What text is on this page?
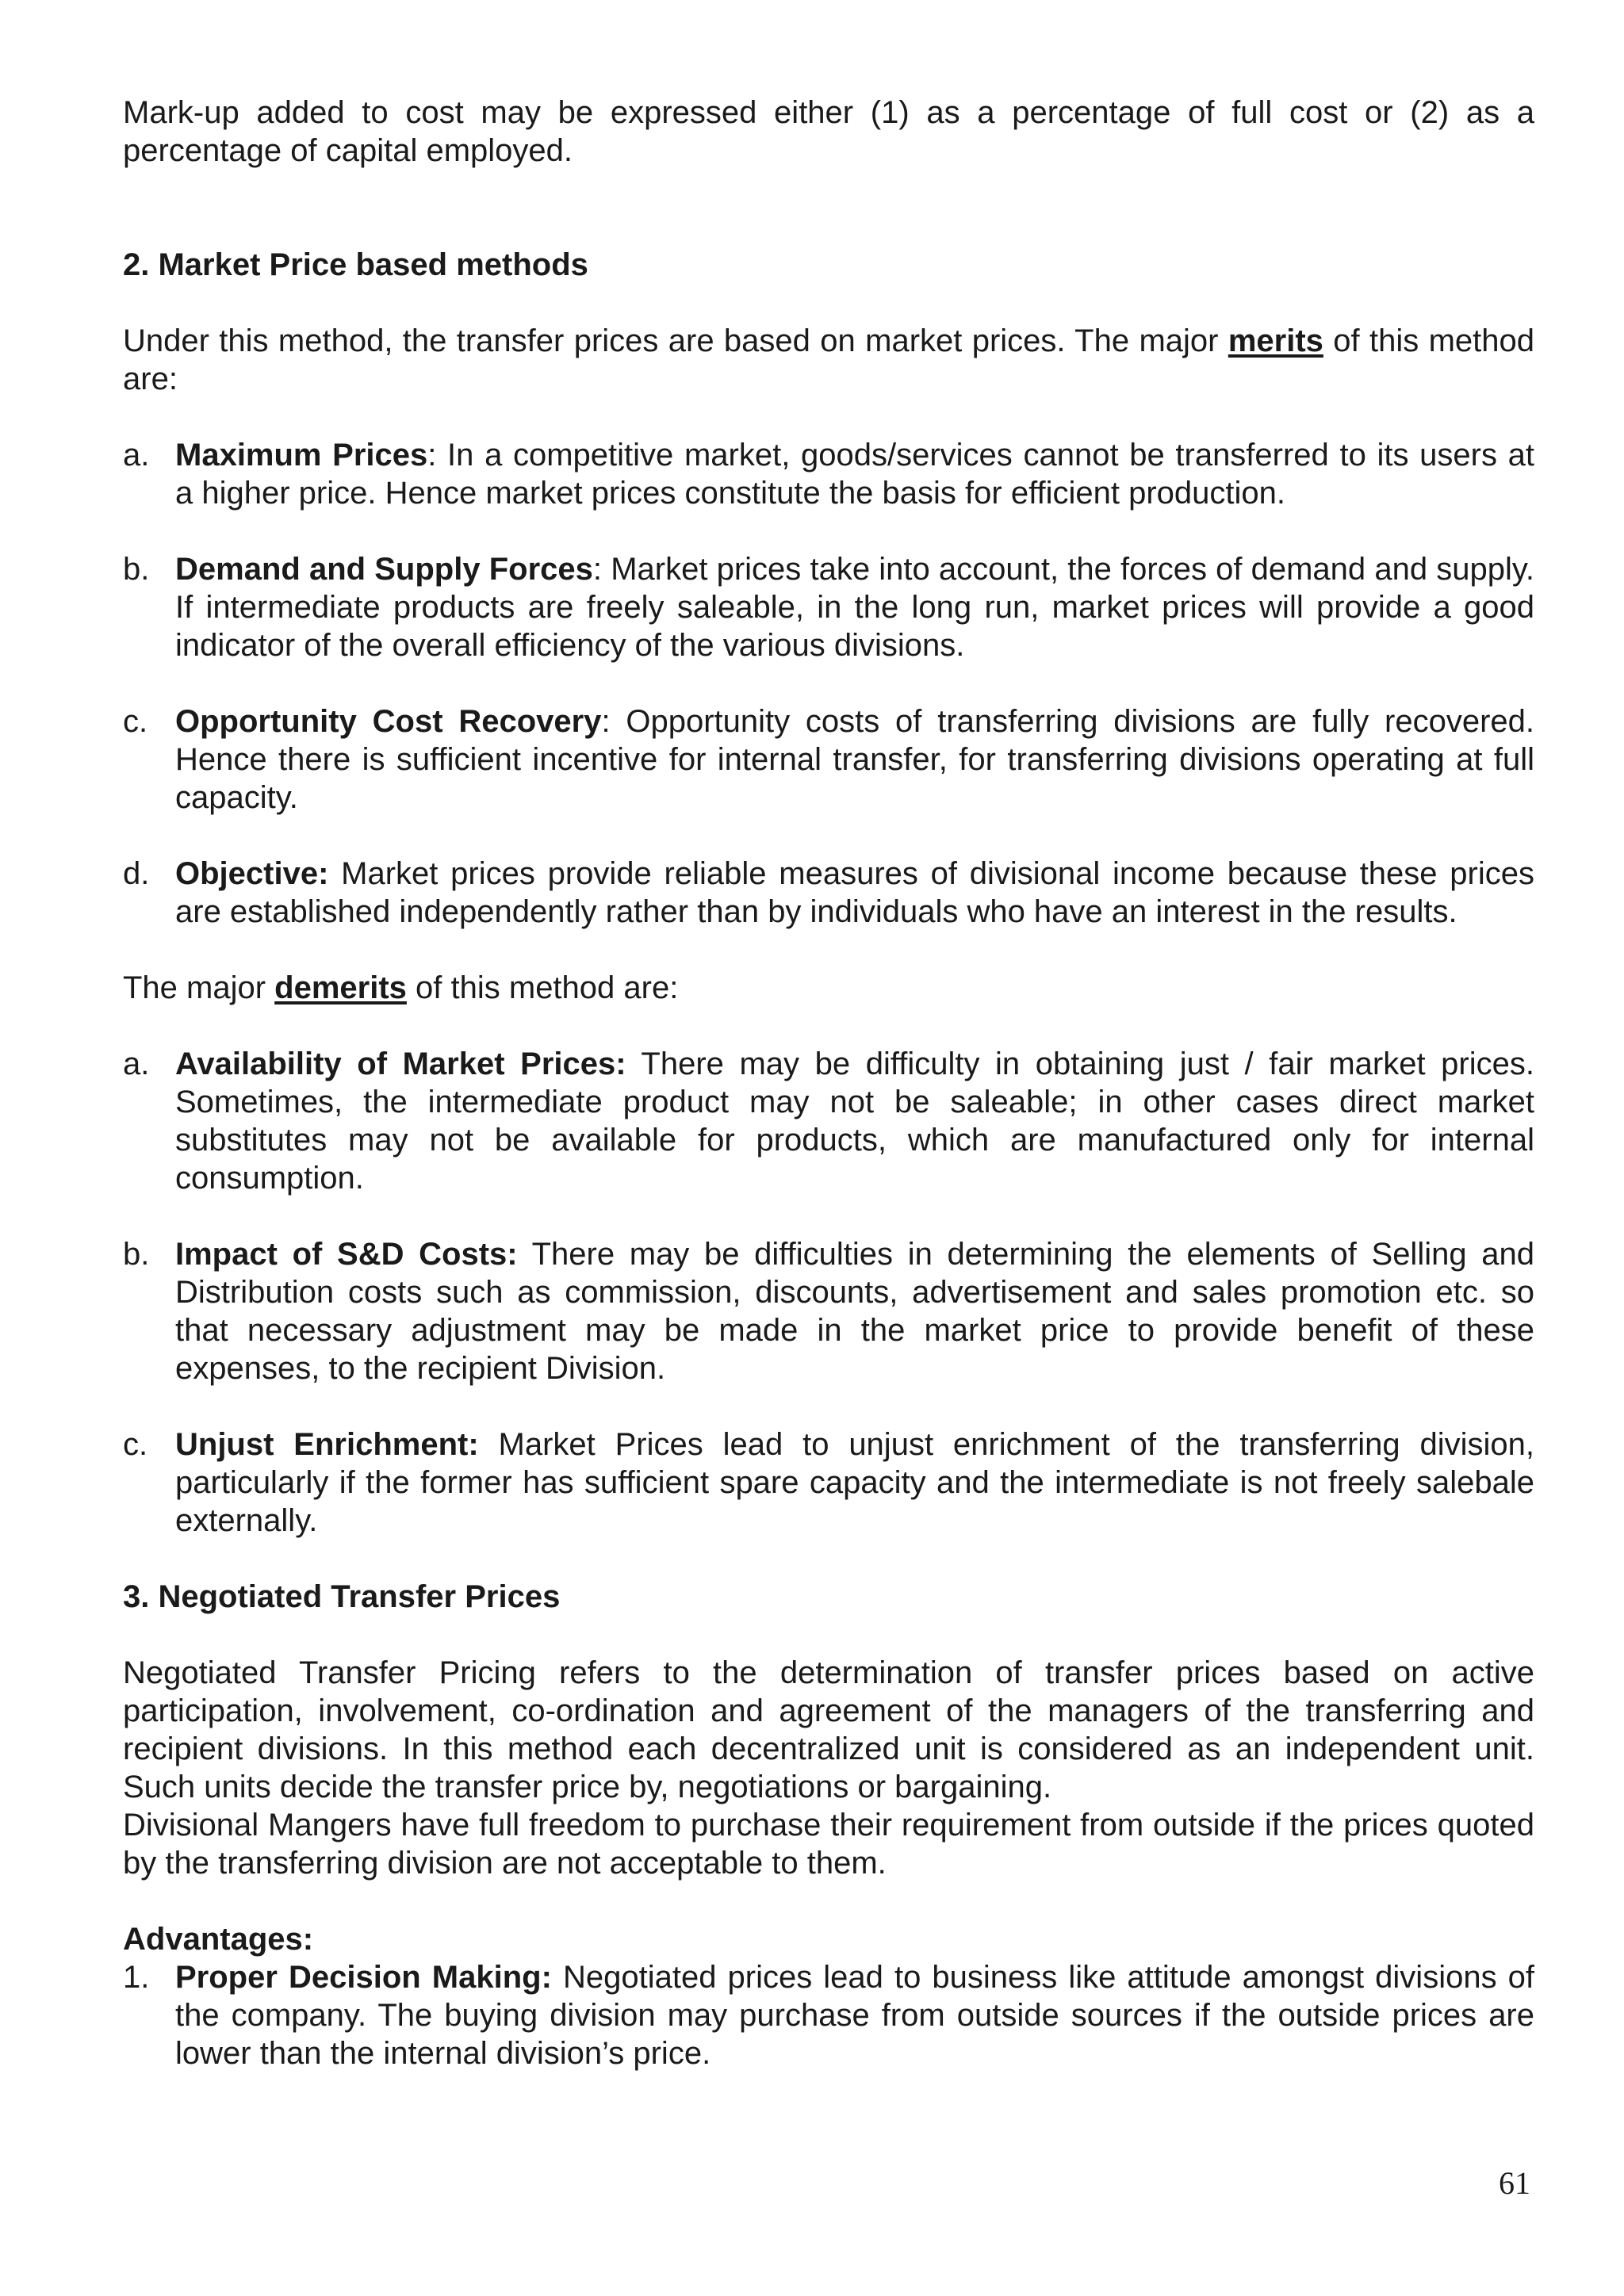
Mark-up added to cost may be expressed either (1) as a percentage of full cost or (2) as a percentage of capital employed.

2. Market Price based methods

Under this method, the transfer prices are based on market prices. The major merits of this method are:

a. Maximum Prices: In a competitive market, goods/services cannot be transferred to its users at a higher price. Hence market prices constitute the basis for efficient production.
b. Demand and Supply Forces: Market prices take into account, the forces of demand and supply. If intermediate products are freely saleable, in the long run, market prices will provide a good indicator of the overall efficiency of the various divisions.
c. Opportunity Cost Recovery: Opportunity costs of transferring divisions are fully recovered. Hence there is sufficient incentive for internal transfer, for transferring divisions operating at full capacity.
d. Objective: Market prices provide reliable measures of divisional income because these prices are established independently rather than by individuals who have an interest in the results.

The major demerits of this method are:

a. Availability of Market Prices: There may be difficulty in obtaining just / fair market prices. Sometimes, the intermediate product may not be saleable; in other cases direct market substitutes may not be available for products, which are manufactured only for internal consumption.
b. Impact of S&D Costs: There may be difficulties in determining the elements of Selling and Distribution costs such as commission, discounts, advertisement and sales promotion etc. so that necessary adjustment may be made in the market price to provide benefit of these expenses, to the recipient Division.
c. Unjust Enrichment: Market Prices lead to unjust enrichment of the transferring division, particularly if the former has sufficient spare capacity and the intermediate is not freely salebale externally.

3. Negotiated Transfer Prices

Negotiated Transfer Pricing refers to the determination of transfer prices based on active participation, involvement, co-ordination and agreement of the managers of the transferring and recipient divisions. In this method each decentralized unit is considered as an independent unit. Such units decide the transfer price by, negotiations or bargaining.

Divisional Mangers have full freedom to purchase their requirement from outside if the prices quoted by the transferring division are not acceptable to them.

Advantages:

1. Proper Decision Making: Negotiated prices lead to business like attitude amongst divisions of the company. The buying division may purchase from outside sources if the outside prices are lower than the internal division’s price.
61
